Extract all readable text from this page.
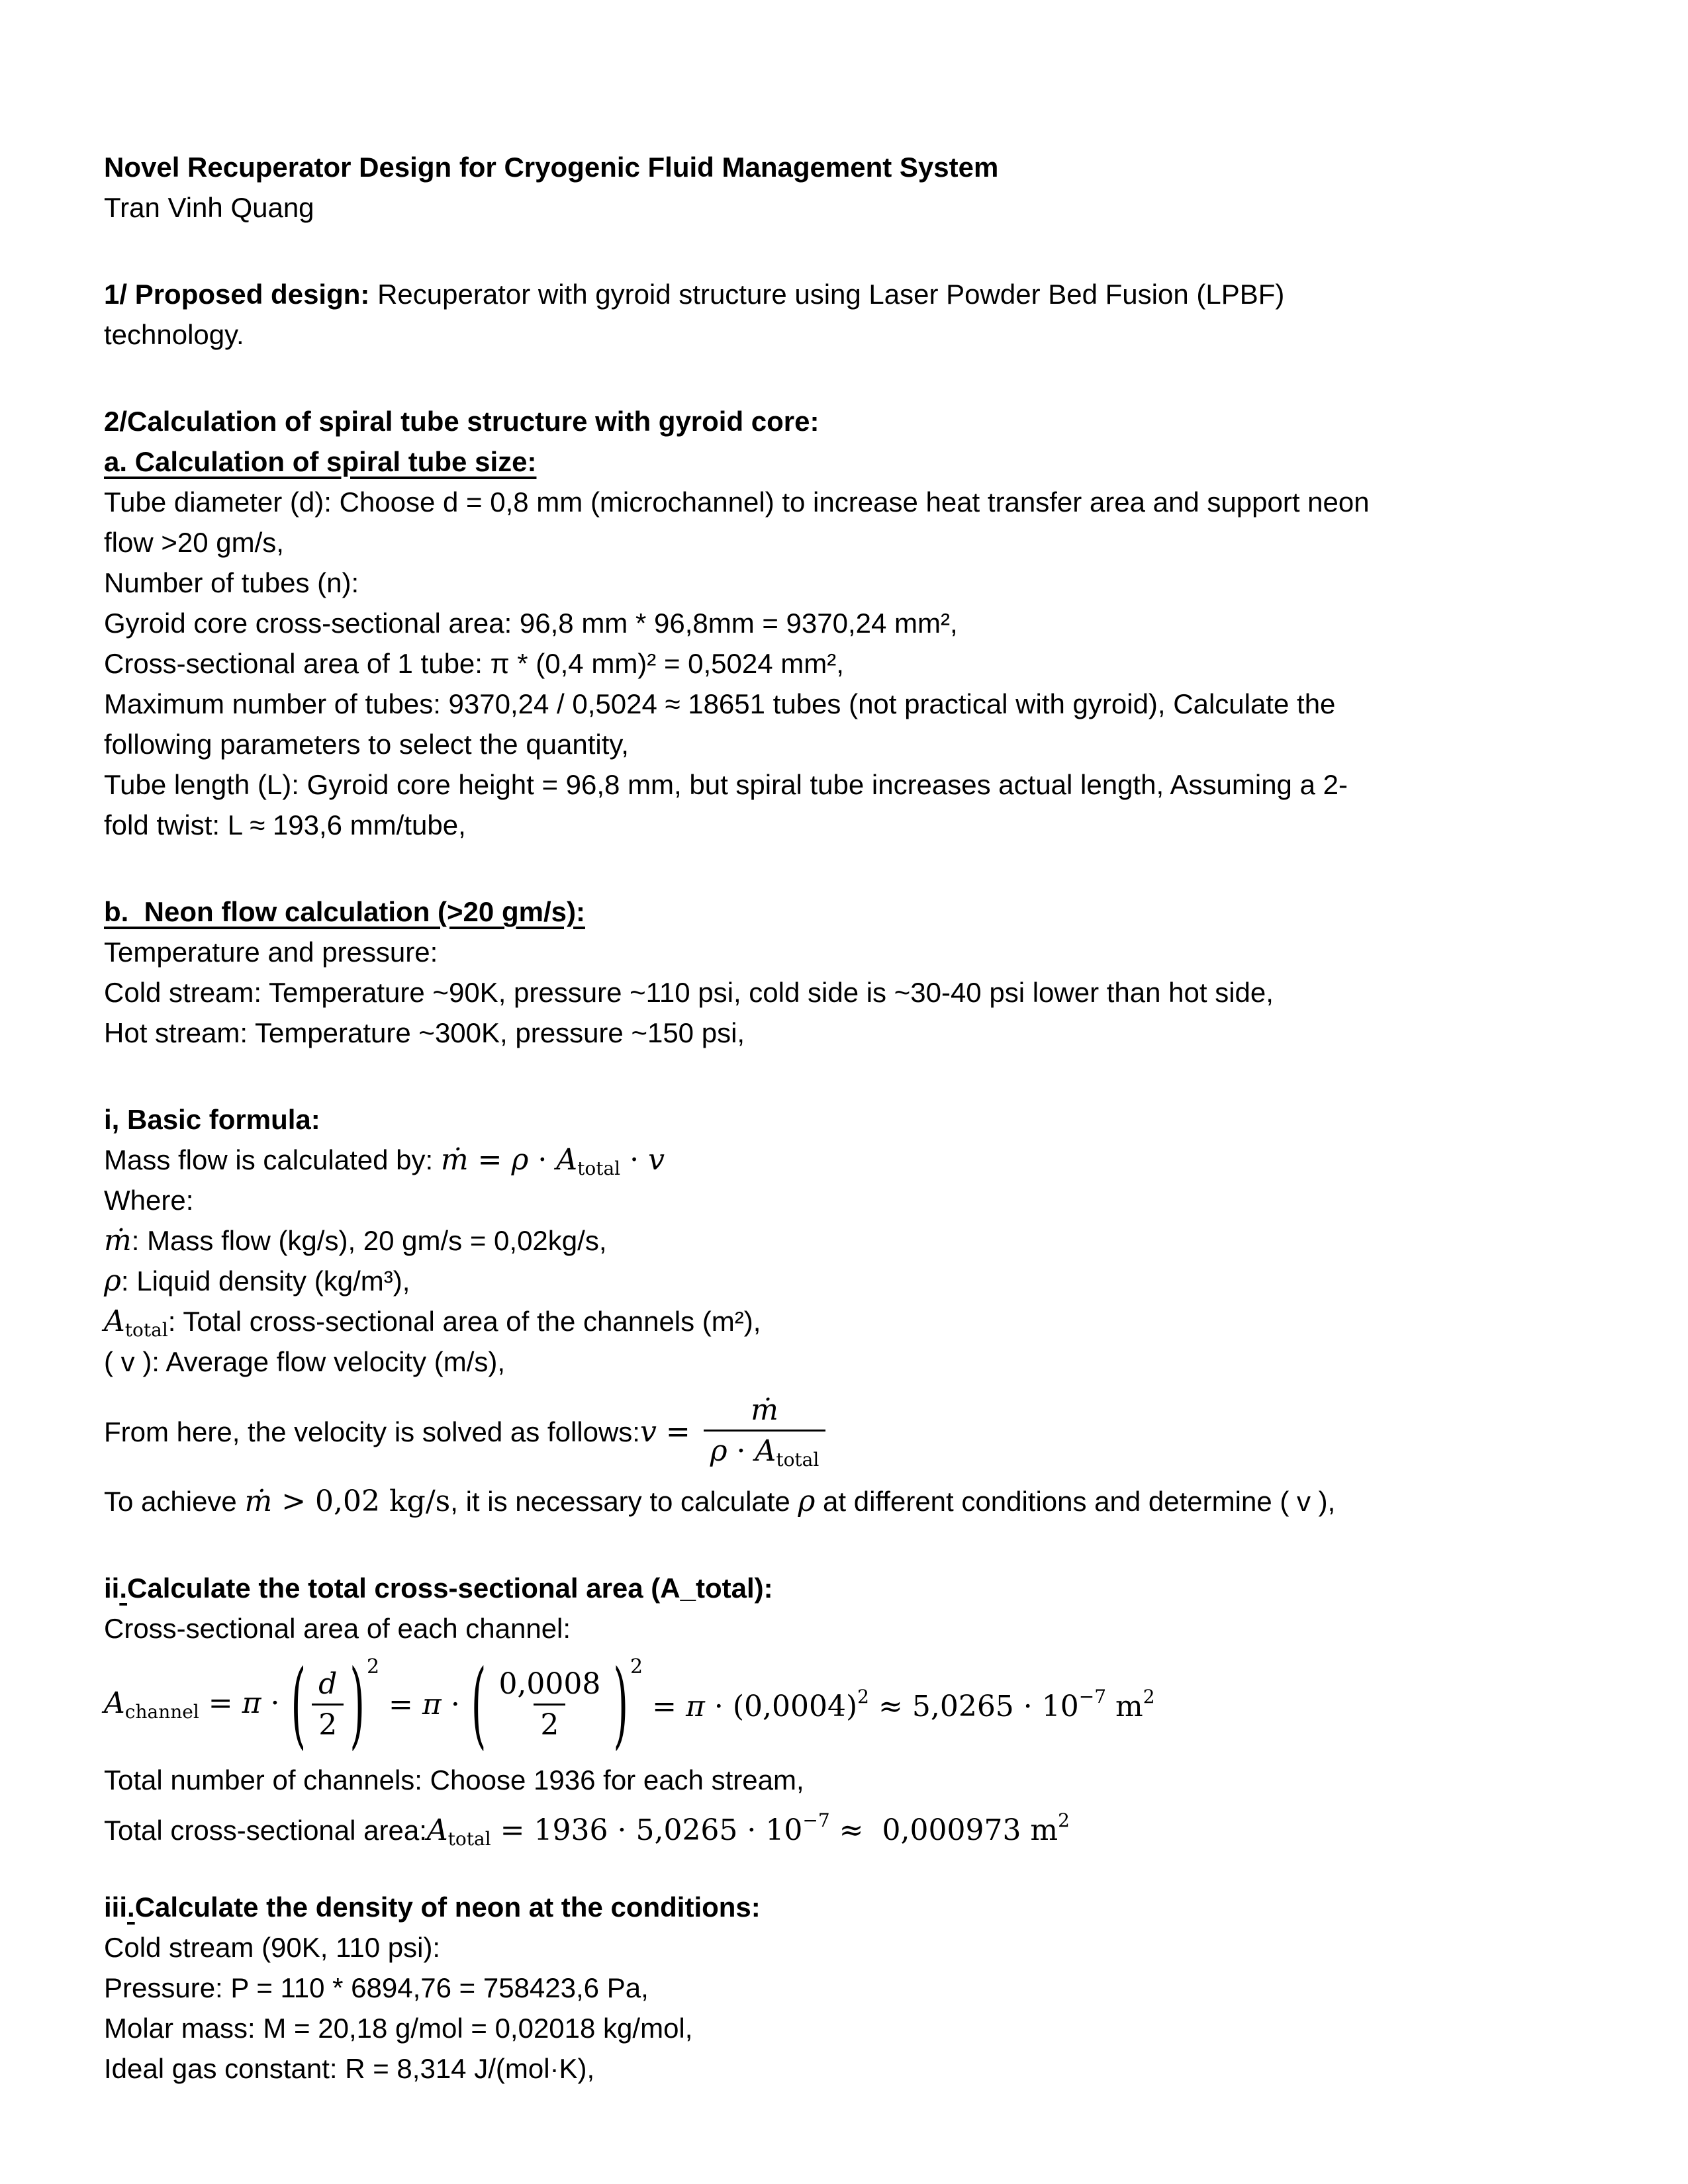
Novel Recuperator Design for Cryogenic Fluid Management System

Tran Vinh Quang

1/ Proposed design: Recuperator with gyroid structure using Laser Powder Bed Fusion (LPBF)

technology.

2/Calculation of spiral tube structure with gyroid core:

a. Calculation of spiral tube size:

Tube diameter (d): Choose d = 0,8 mm (microchannel) to increase heat transfer area and support neon

flow >20 gm/s,

Number of tubes (n):

Gyroid core cross-sectional area: 96,8 mm * 96,8mm = 9370,24 mm²,

Cross-sectional area of 1 tube: π * (0,4 mm)² = 0,5024 mm²,

Maximum number of tubes: 9370,24 / 0,5024 ≈ 18651 tubes (not practical with gyroid), Calculate the

following parameters to select the quantity,

Tube length (L): Gyroid core height = 96,8 mm, but spiral tube increases actual length, Assuming a 2-

fold twist: L ≈ 193,6 mm/tube,

b.  Neon flow calculation (>20 gm/s):

Temperature and pressure:

Cold stream: Temperature ~90K, pressure ~110 psi, cold side is ~30-40 psi lower than hot side,

Hot stream: Temperature ~300K, pressure ~150 psi,

i, Basic formula:

Mass flow is calculated by: ṁ = ρ · Atotal · v

Where:

ṁ: Mass flow (kg/s), 20 gm/s = 0,02kg/s,

ρ: Liquid density (kg/m³),

Atotal: Total cross-sectional area of the channels (m²),

( v ): Average flow velocity (m/s),

From here, the velocity is solved as follows:v = $\frac{\text{ṁ}}{\text{ρ · Atotal}}$

To achieve ṁ > 0,02 kg/s, it is necessary to calculate ρ at different conditions and determine ( v ),

ii.Calculate the total cross-sectional area (A_total):

Cross-sectional area of each channel:

Achannel = π · ( $\frac{d}{2}$ ) 2
= π · ( $\frac{0,0008}{2}$ ) 2
= $\pi \cdot (0,0004)^2 \approx 5,0265 \cdot 10^{-7}$ $m^2$

Total number of channels: Choose 1936 for each stream,

Total cross-sectional area:Atotal = $1936 \cdot 5,0265 \cdot 10^{-7} \approx 0,000973$ $m^2$

iii.Calculate the density of neon at the conditions:

Cold stream (90K, 110 psi):

Pressure: P = 110 * 6894,76 = 758423,6 Pa,

Molar mass: M = 20,18 g/mol = 0,02018 kg/mol,

Ideal gas constant: R = 8,314 J/(mol·K),
